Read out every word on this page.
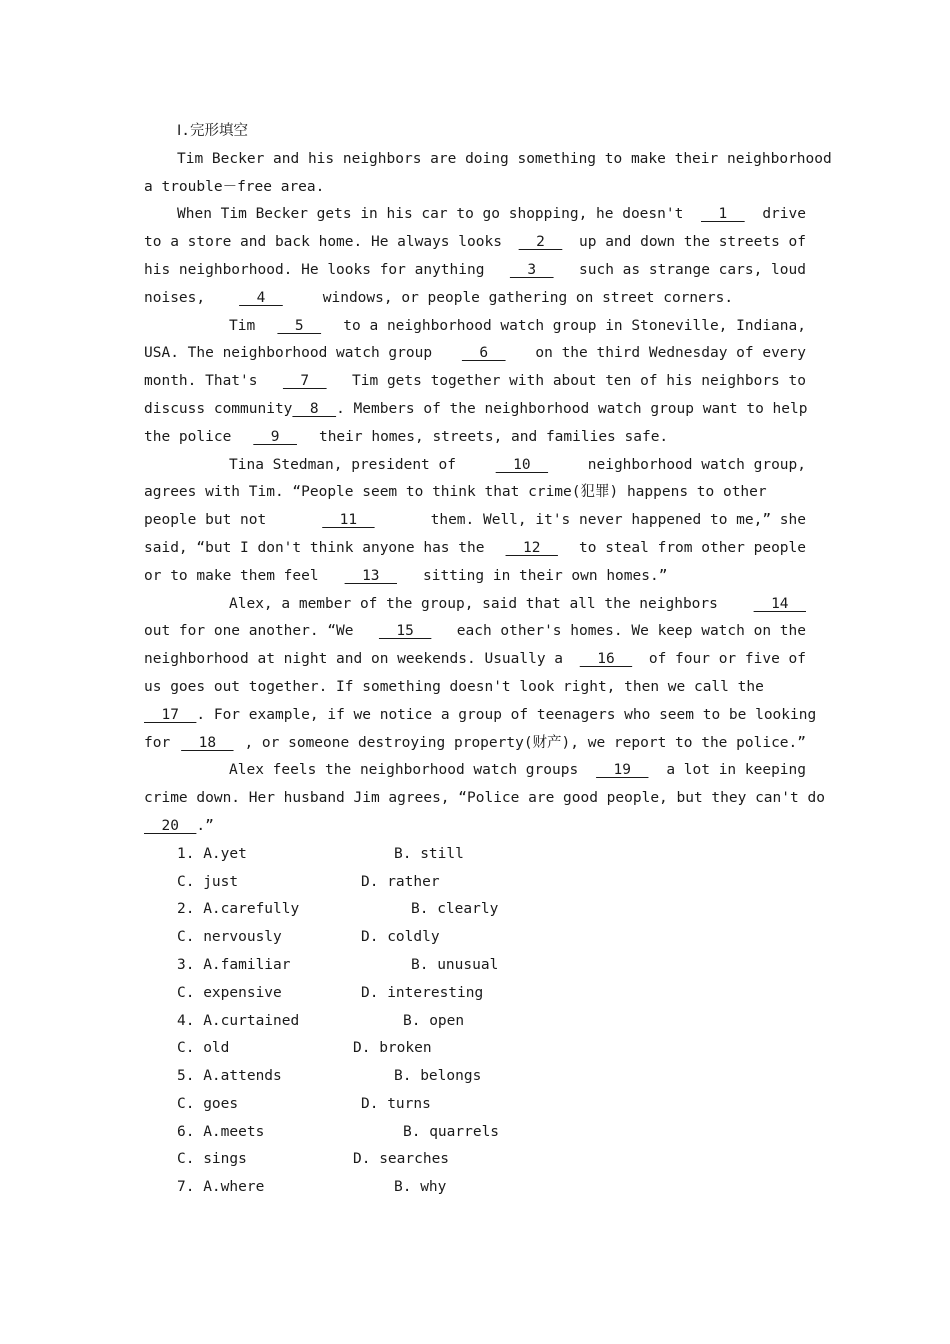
Ⅰ.完形填空
Tim Becker and his neighbors are doing something to make their neighborhood
a trouble－free area.
When Tim Becker gets in his car to go shopping, he doesn't 1 drive
to a store and back home. He always looks 2 up and down the streets of
his neighborhood. He looks for anything 3 such as strange cars, loud
noises,  4	windows, or people gathering on street corners.
Tim 5 to a neighborhood watch group in Stoneville, Indiana,
USA. The neighborhood watch group 6 on the third Wednesday of every
month. That's 7 Tim gets together with about ten of his neighbors to
discuss community 8 . Members of the neighborhood watch group want to help
the police  9  their homes, streets, and families safe.
Tina Stedman, president of	10	neighborhood watch group,
agrees with Tim. “People seem to think that crime(犯罪) happens to other
people but not	11	them. Well, it's never happened to me,” she
said, “but I don't think anyone has the 12 to steal from other people
or to make them feel  13  sitting in their own homes.”
Alex, a member of the group, said that all the neighbors 14
out for one another. “We 15 each other's homes. We keep watch on the
neighborhood at night and on weekends. Usually a 16 of four or five of
us goes out together. If something doesn't look right, then we call the
17 . For example, if we notice a group of teenagers who seem to be looking
for 18 , or someone destroying property(财产), we report to the police.”
Alex feels the neighborhood watch groups 19 a lot in keeping
crime down. Her husband Jim agrees, “Police are good people, but they can't do
20  .”
1. A.yet	B. still
C. just	D. rather
2. A.carefully	B. clearly
C. nervously	D. coldly
3. A.familiar	B. unusual
C. expensive	D. interesting
4. A.curtained	B. open
C. old	D. broken
5. A.attends	B. belongs
C. goes	D. turns
6. A.meets	B. quarrels
C. sings	D. searches
7. A.where	B. why
